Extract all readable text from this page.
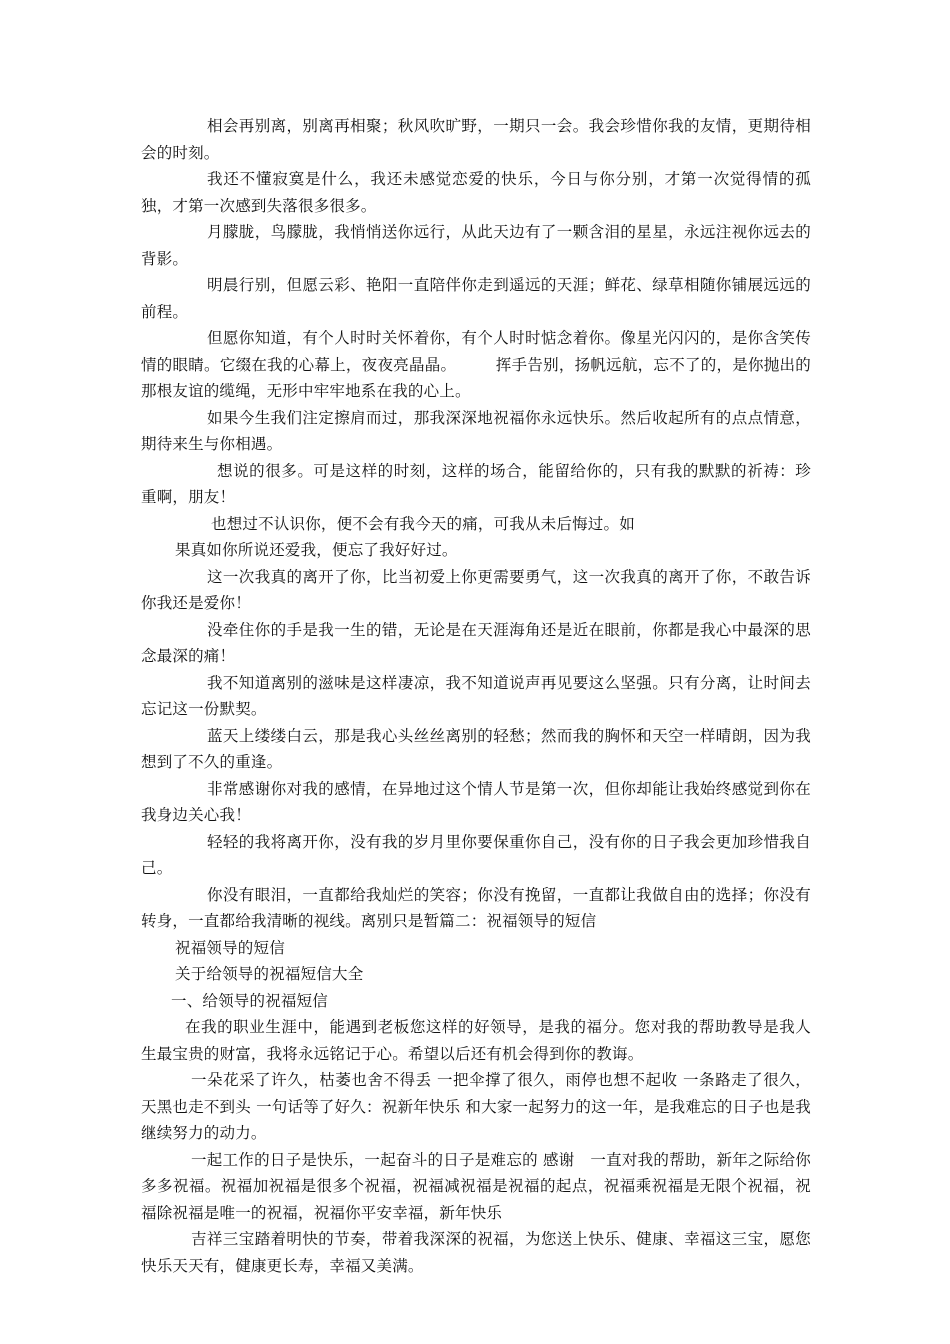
相会再别离，别离再相聚；秋风吹旷野，一期只一会。我会珍惜你我的友情，更期待相会的时刻。

我还不懂寂寞是什么，我还未感觉恋爱的快乐，今日与你分别，才第一次觉得情的孤独，才第一次感到失落很多很多。

月朦胧，鸟朦胧，我悄悄送你远行，从此天边有了一颗含泪的星星，永远注视你远去的背影。

明晨行别，但愿云彩、艳阳一直陪伴你走到遥远的天涯；鲜花、绿草相随你铺展远远的前程。

但愿你知道，有个人时时关怀着你，有个人时时惦念着你。像星光闪闪的，是你含笑传情的眼睛。它缀在我的心幕上，夜夜亮晶晶。　　　挥手告别，扬帆远航，忘不了的，是你抛出的那根友谊的缆绳，无形中牢牢地系在我的心上。

如果今生我们注定擦肩而过，那我深深地祝福你永远快乐。然后收起所有的点点情意，期待来生与你相遇。

想说的很多。可是这样的时刻，这样的场合，能留给你的，只有我的默默的祈祷：珍重啊，朋友！

也想过不认识你，便不会有我今天的痛，可我从未后悔过。如

果真如你所说还爱我，便忘了我好好过。

这一次我真的离开了你，比当初爱上你更需要勇气，这一次我真的离开了你，不敢告诉你我还是爱你！

没牵住你的手是我一生的错，无论是在天涯海角还是近在眼前，你都是我心中最深的思念最深的痛！

我不知道离别的滋味是这样凄凉，我不知道说声再见要这么坚强。只有分离，让时间去忘记这一份默契。

蓝天上缕缕白云，那是我心头丝丝离别的轻愁；然而我的胸怀和天空一样晴朗，因为我想到了不久的重逢。

非常感谢你对我的感情，在异地过这个情人节是第一次，但你却能让我始终感觉到你在我身边关心我！

轻轻的我将离开你，没有我的岁月里你要保重你自己，没有你的日子我会更加珍惜我自己。

你没有眼泪，一直都给我灿烂的笑容；你没有挽留，一直都让我做自由的选择；你没有转身，一直都给我清晰的视线。离别只是暂篇二：祝福领导的短信

祝福领导的短信

关于给领导的祝福短信大全

一、给领导的祝福短信

在我的职业生涯中，能遇到老板您这样的好领导，是我的福分。您对我的帮助教导是我人生最宝贵的财富，我将永远铭记于心。希望以后还有机会得到你的教诲。

一朵花采了许久，枯萎也舍不得丢 一把伞撑了很久，雨停也想不起收 一条路走了很久，天黑也走不到头 一句话等了好久：祝新年快乐 和大家一起努力的这一年，是我难忘的日子也是我继续努力的动力。

一起工作的日子是快乐，一起奋斗的日子是难忘的 感谢　一直对我的帮助，新年之际给你多多祝福。祝福加祝福是很多个祝福，祝福减祝福是祝福的起点，祝福乘祝福是无限个祝福，祝福除祝福是唯一的祝福，祝福你平安幸福，新年快乐

吉祥三宝踏着明快的节奏，带着我深深的祝福，为您送上快乐、健康、幸福这三宝，愿您快乐天天有，健康更长寿，幸福又美满。
